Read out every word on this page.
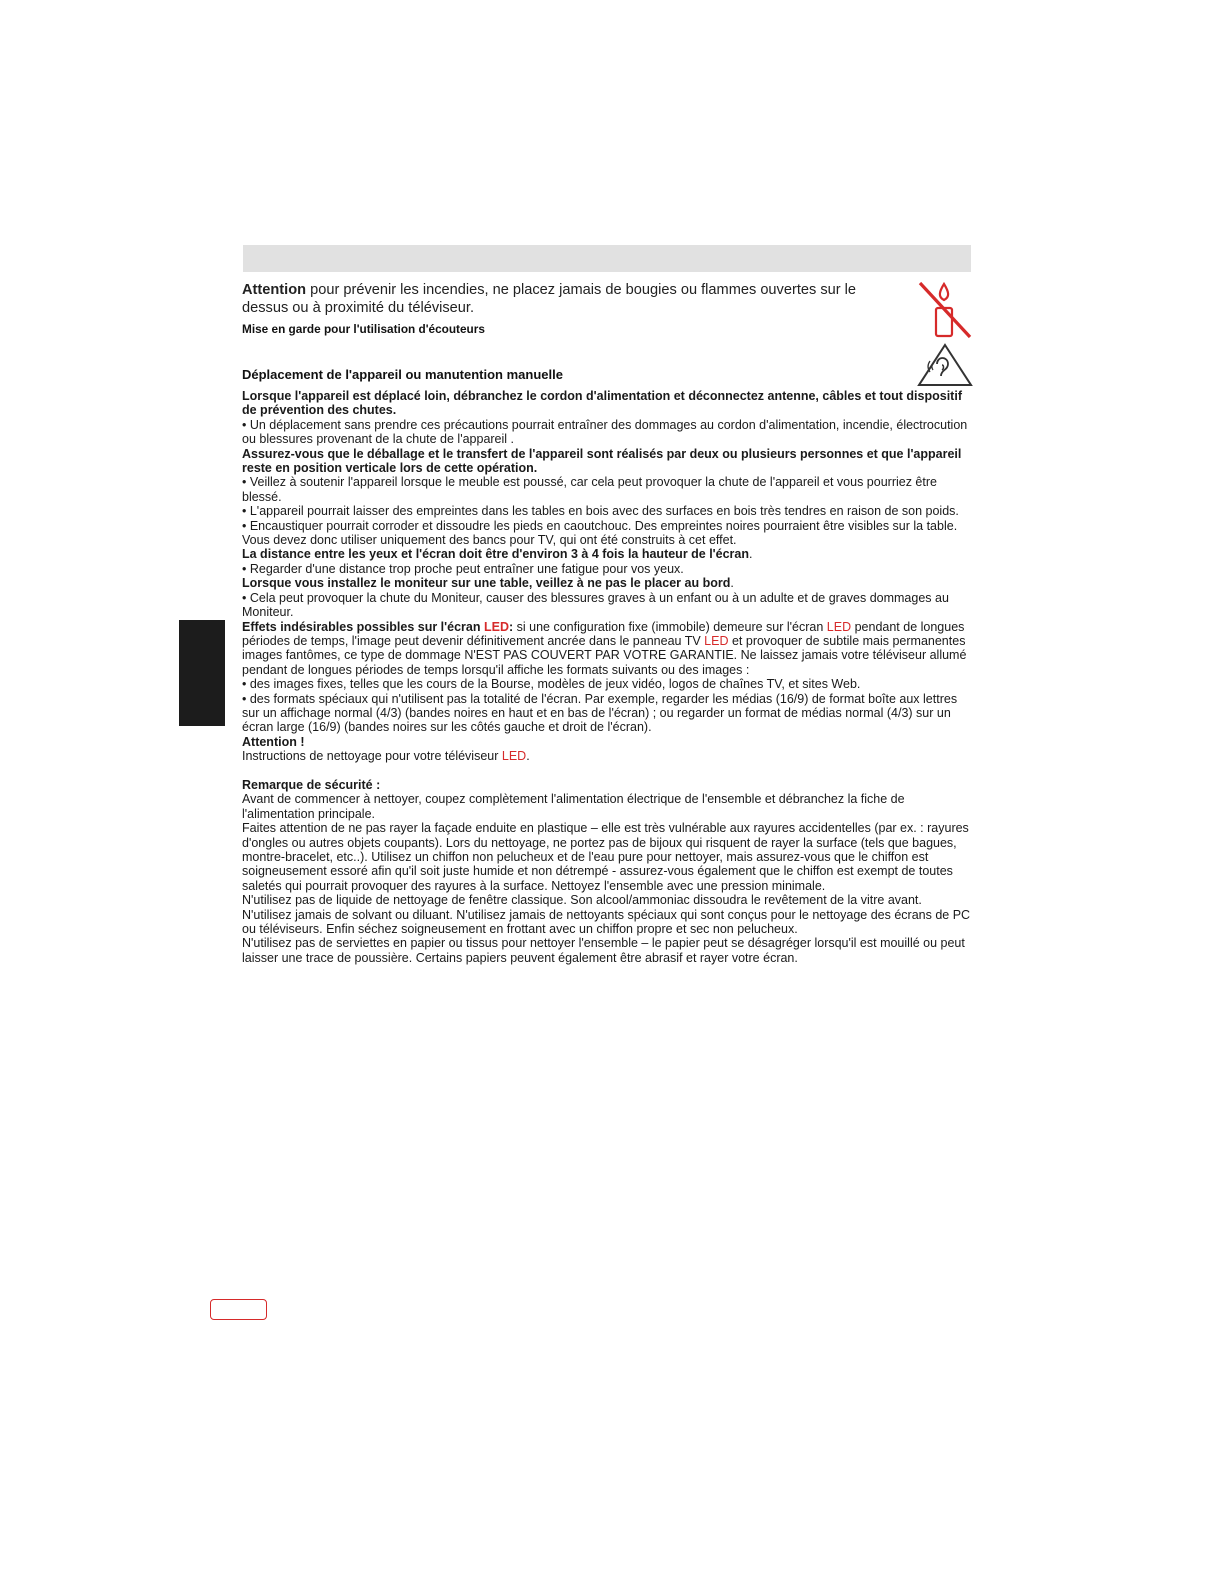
Attention pour prévenir les incendies, ne placez jamais de bougies ou flammes ouvertes sur le dessus ou à proximité du téléviseur.
Mise en garde pour l'utilisation d'écouteurs
Déplacement de l'appareil ou manutention manuelle

Lorsque l'appareil est déplacé loin, débranchez le cordon d'alimentation et déconnectez antenne, câbles et tout dispositif de prévention des chutes.

• Un déplacement sans prendre ces précautions pourrait entraîner des dommages au cordon d'alimentation, incendie, électrocution ou blessures provenant de la chute de l'appareil .

Assurez-vous que le déballage et le transfert de l'appareil sont réalisés par deux ou plusieurs personnes et que l'appareil reste en position verticale lors de cette opération.

• Veillez à soutenir l'appareil lorsque le meuble est poussé, car cela peut provoquer la chute de l'appareil et vous pourriez être blessé.

• L'appareil pourrait laisser des empreintes dans les tables en bois avec des surfaces en bois très tendres en raison de son poids.

• Encaustiquer pourrait corroder et dissoudre les pieds en caoutchouc. Des empreintes noires pourraient être visibles sur la table. Vous devez donc utiliser uniquement des bancs pour TV, qui ont été construits à cet effet.

La distance entre les yeux et l'écran doit être d'environ 3 à 4 fois la hauteur de l'écran.

• Regarder d'une distance trop proche peut entraîner une fatigue pour vos yeux.

Lorsque vous installez le moniteur sur une table, veillez à ne pas le placer au bord.

• Cela peut provoquer la chute du Moniteur, causer des blessures graves à un enfant ou à un adulte et de graves dommages au Moniteur.

Effets indésirables possibles sur l'écran LED: si une configuration fixe (immobile) demeure sur l'écran LED pendant de longues périodes de temps, l'image peut devenir définitivement ancrée dans le panneau TV LED et provoquer de subtile mais permanentes images fantômes, ce type de dommage N'EST PAS COUVERT PAR VOTRE GARANTIE. Ne laissez jamais votre téléviseur allumé pendant de longues périodes de temps lorsqu'il affiche les formats suivants ou des images :

• des images fixes, telles que les cours de la Bourse, modèles de jeux vidéo, logos de chaînes TV, et sites Web.

• des formats spéciaux qui n'utilisent pas la totalité de l'écran. Par exemple, regarder les médias (16/9) de format boîte aux lettres sur un affichage normal (4/3) (bandes noires en haut et en bas de l'écran) ; ou regarder un format de médias normal (4/3) sur un écran large (16/9) (bandes noires sur les côtés gauche et droit de l'écran).

Attention !

Instructions de nettoyage pour votre téléviseur LED.

Remarque de sécurité :

Avant de commencer à nettoyer, coupez complètement l'alimentation électrique de l'ensemble et débranchez la fiche de l'alimentation principale.

Faites attention de ne pas rayer la façade enduite en plastique – elle est très vulnérable aux rayures accidentelles (par ex. : rayures d'ongles ou autres objets coupants). Lors du nettoyage, ne portez pas de bijoux qui risquent de rayer la surface (tels que bagues, montre-bracelet, etc..). Utilisez un chiffon non pelucheux et de l'eau pure pour nettoyer, mais assurez-vous que le chiffon est soigneusement essoré afin qu'il soit juste humide et non détrempé - assurez-vous également que le chiffon est exempt de toutes saletés qui pourrait provoquer des rayures à la surface. Nettoyez l'ensemble avec une pression minimale.

N'utilisez pas de liquide de nettoyage de fenêtre classique. Son alcool/ammoniac dissoudra le revêtement de la vitre avant.

N'utilisez jamais de solvant ou diluant. N'utilisez jamais de nettoyants spéciaux qui sont conçus pour le nettoyage des écrans de PC ou téléviseurs. Enfin séchez soigneusement en frottant avec un chiffon propre et sec non pelucheux.

N'utilisez pas de serviettes en papier ou tissus pour nettoyer l'ensemble – le papier peut se désagréger lorsqu'il est mouillé ou peut laisser une trace de poussière. Certains papiers peuvent également être abrasif et rayer votre écran.
